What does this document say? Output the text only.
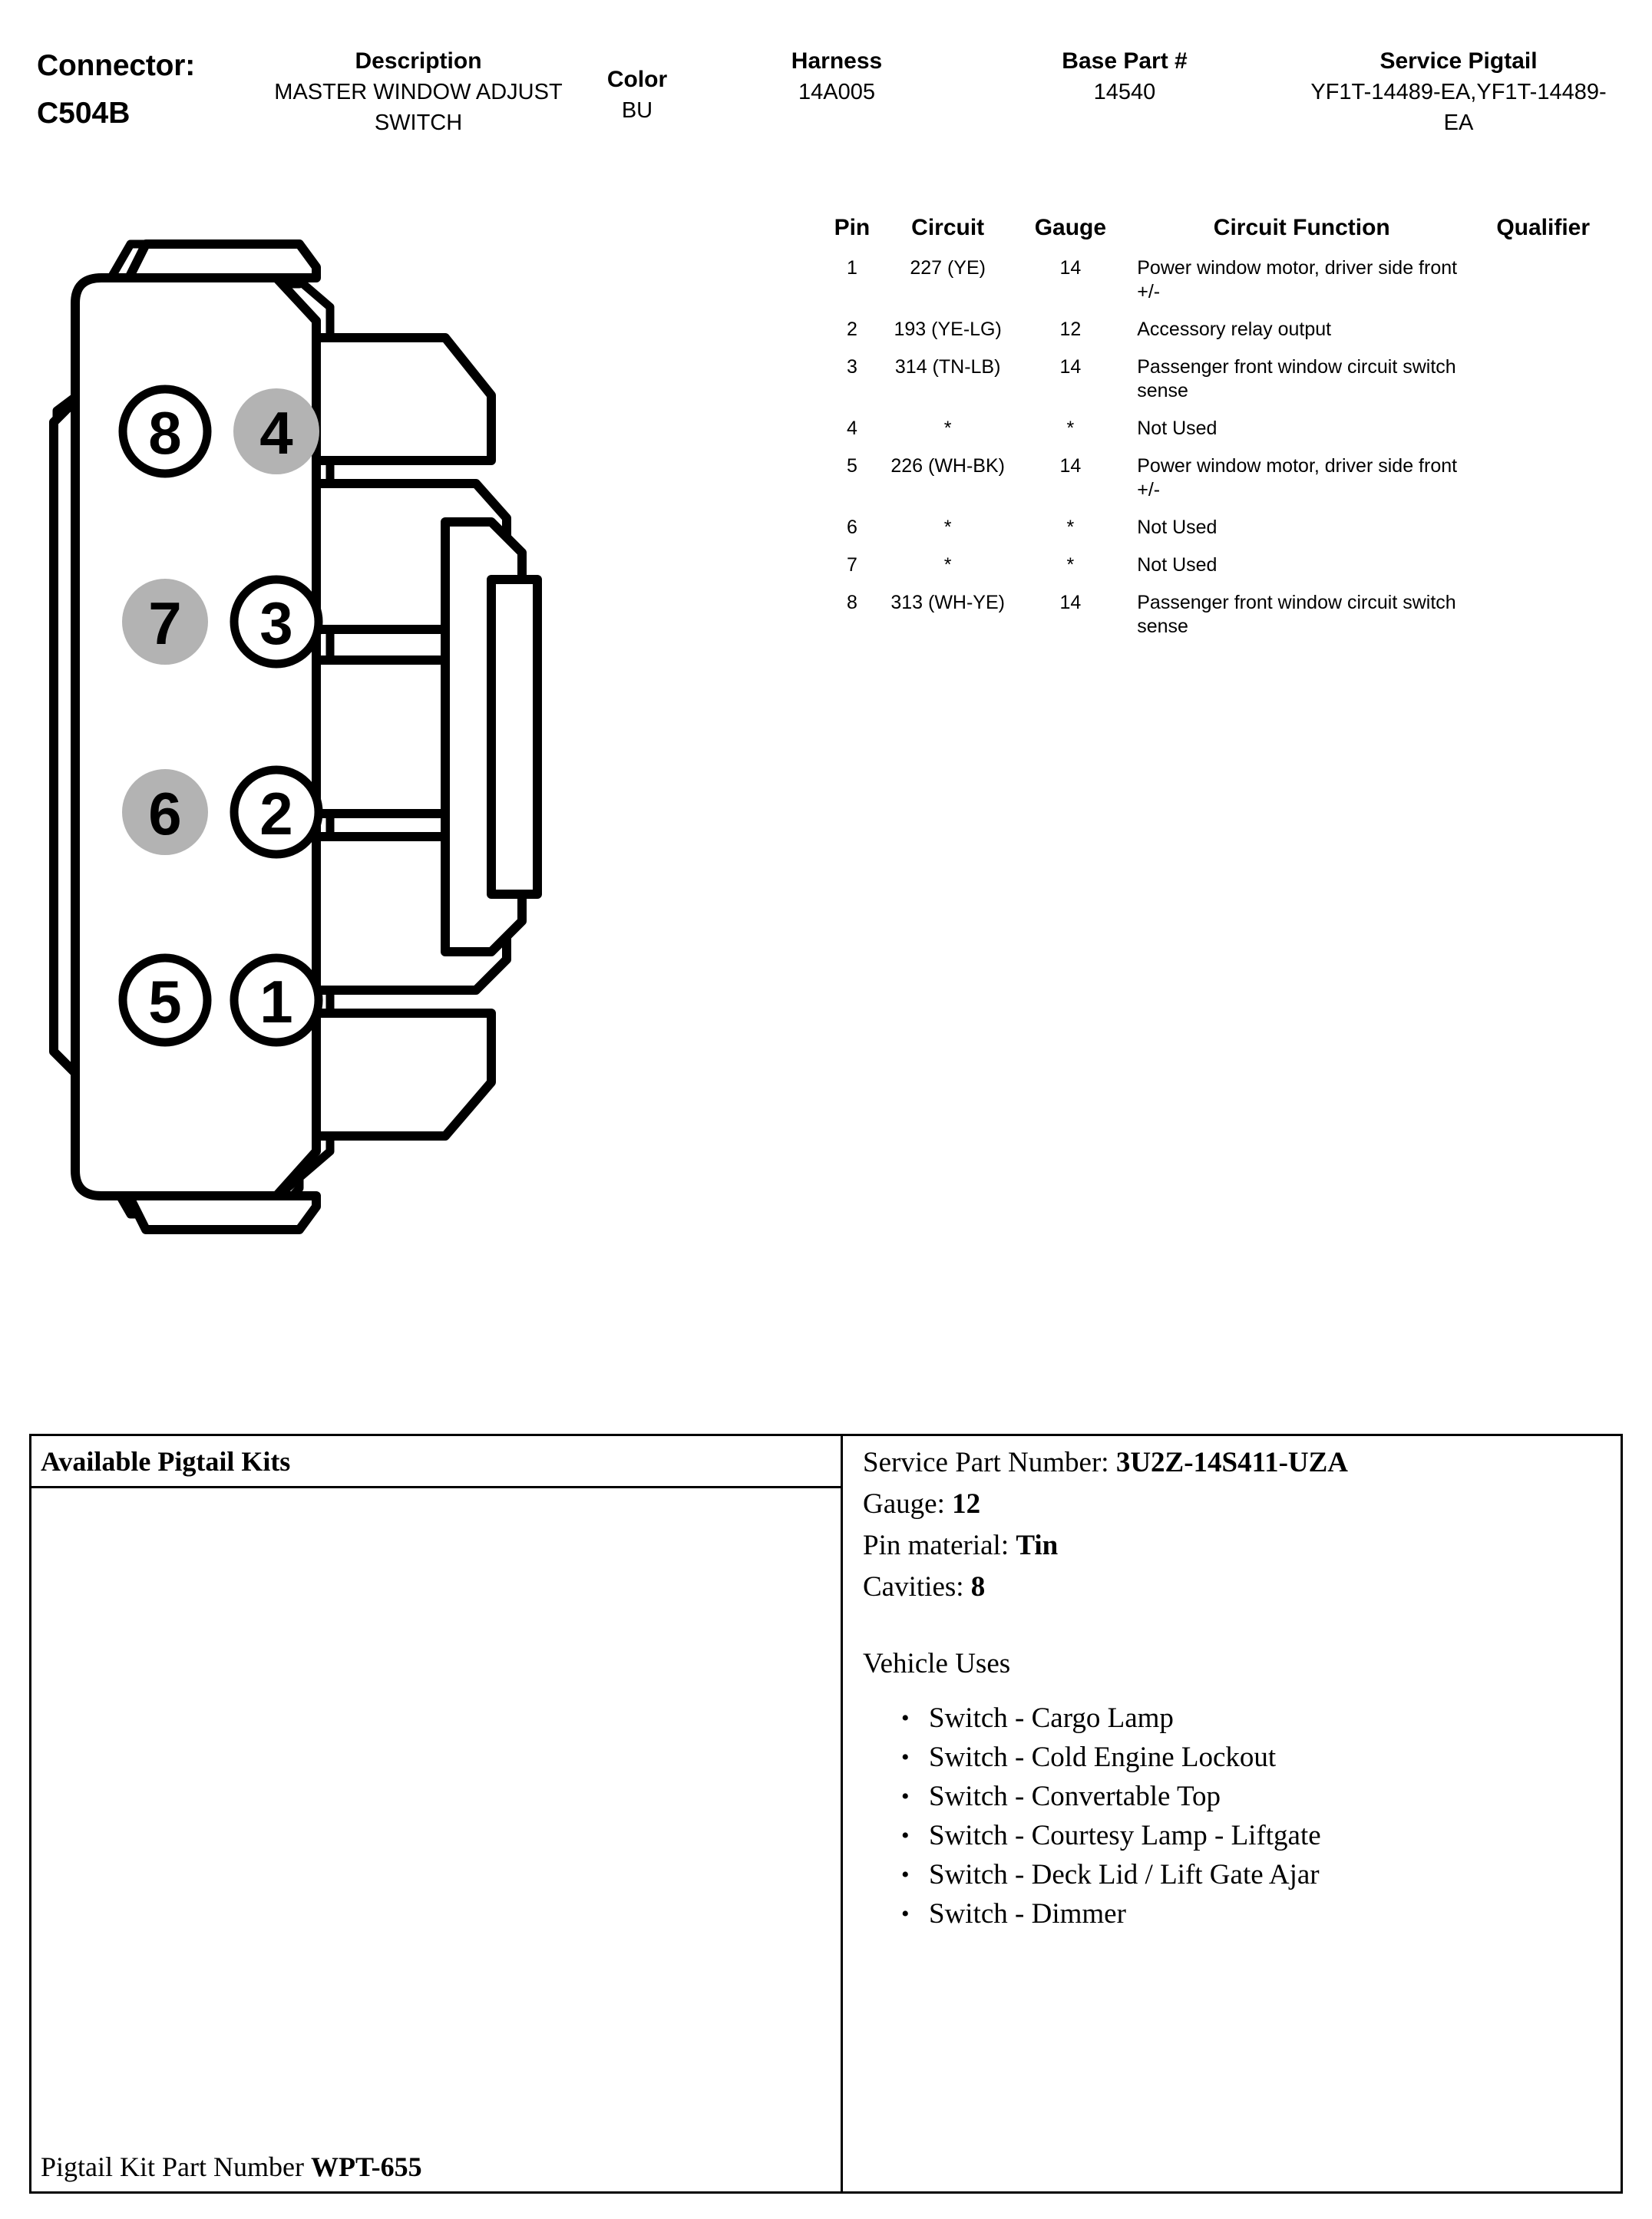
Connector:
C504B
Description
MASTER WINDOW ADJUST SWITCH
Color
BU
Harness
14A005
Base Part #
14540
Service Pigtail
YF1T-14489-EA,YF1T-14489-EA
8 4
7 3
6 2
5 1
Pin	Circuit	Gauge	Circuit Function	Qualifier
1	227 (YE)	14	Power window motor, driver side front +/-	
2	193 (YE-LG)	12	Accessory relay output	
3	314 (TN-LB)	14	Passenger front window circuit switch sense	
4	*	*	Not Used	
5	226 (WH-BK)	14	Power window motor, driver side front +/-	
6	*	*	Not Used	
7	*	*	Not Used	
8	313 (WH-YE)	14	Passenger front window circuit switch sense	
Available Pigtail Kits
Pigtail Kit Part Number WPT-655
Service Part Number: 3U2Z-14S411-UZA
Gauge: 12
Pin material: Tin
Cavities: 8
Vehicle Uses
• Switch - Cargo Lamp
• Switch - Cold Engine Lockout
• Switch - Convertable Top
• Switch - Courtesy Lamp - Liftgate
• Switch - Deck Lid / Lift Gate Ajar
• Switch - Dimmer
